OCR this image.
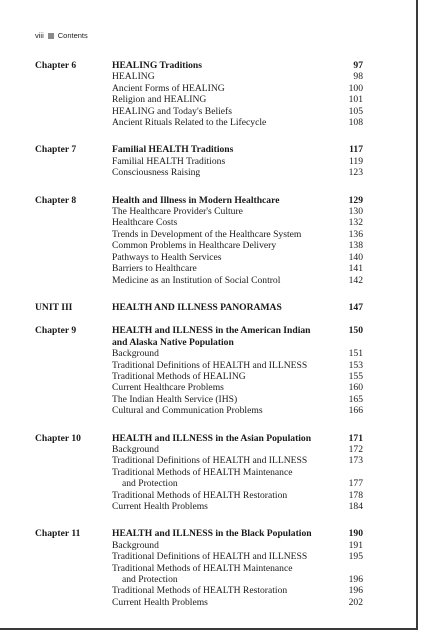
viii Contents
Chapter 6	HEALING Traditions	97
HEALING	98
Ancient Forms of HEALING	100
Religion and HEALING	101
HEALING and Today's Beliefs	105
Ancient Rituals Related to the Lifecycle	108
Chapter 7	Familial HEALTH Traditions	117
Familial HEALTH Traditions	119
Consciousness Raising	123
Chapter 8	Health and Illness in Modern Healthcare	129
The Healthcare Provider's Culture	130
Healthcare Costs	132
Trends in Development of the Healthcare System	136
Common Problems in Healthcare Delivery	138
Pathways to Health Services	140
Barriers to Healthcare	141
Medicine as an Institution of Social Control	142
UNIT III	HEALTH AND ILLNESS PANORAMAS	147
Chapter 9	HEALTH and ILLNESS in the American Indian and Alaska Native Population
150
Background	151
Traditional Definitions of HEALTH and ILLNESS	153
Traditional Methods of HEALING	155
Current Healthcare Problems	160
The Indian Health Service (IHS)	165
Cultural and Communication Problems	166
Chapter 10	HEALTH and ILLNESS in the Asian Population	171
Background	172
Traditional Definitions of HEALTH and ILLNESS	173
Traditional Methods of HEALTH Maintenance
and Protection	177
Traditional Methods of HEALTH Restoration	178
Current Health Problems	184
Chapter 11	HEALTH and ILLNESS in the Black Population	190
Background	191
Traditional Definitions of HEALTH and ILLNESS	195
Traditional Methods of HEALTH Maintenance
and Protection	196
Traditional Methods of HEALTH Restoration	196
Current Health Problems	202
